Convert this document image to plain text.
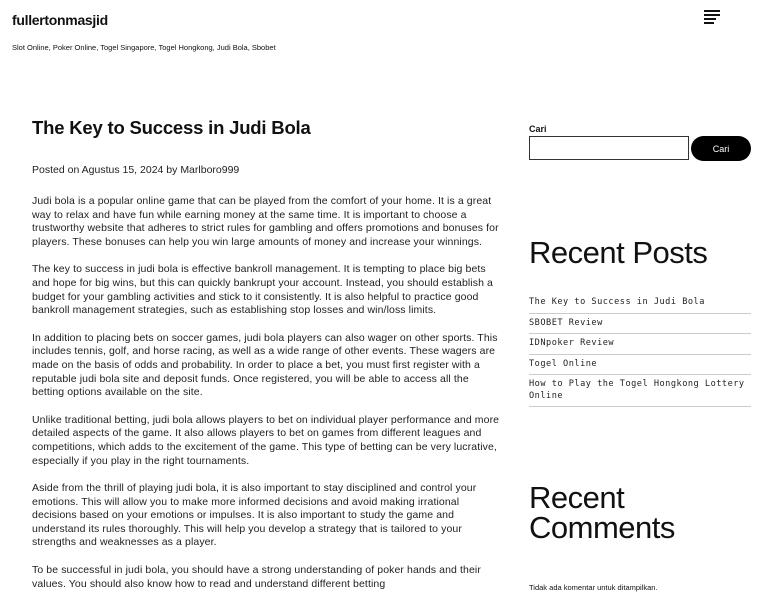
fullertonmasjid
Slot Online, Poker Online, Togel Singapore, Togel Hongkong, Judi Bola, Sbobet
The Key to Success in Judi Bola
Posted on Agustus 15, 2024 by Marlboro999

Judi bola is a popular online game that can be played from the comfort of your home. It is a great way to relax and have fun while earning money at the same time. It is important to choose a trustworthy website that adheres to strict rules for gambling and offers promotions and bonuses for players. These bonuses can help you win large amounts of money and increase your winnings.

The key to success in judi bola is effective bankroll management. It is tempting to place big bets and hope for big wins, but this can quickly bankrupt your account. Instead, you should establish a budget for your gambling activities and stick to it consistently. It is also helpful to practice good bankroll management strategies, such as establishing stop losses and win/loss limits.

In addition to placing bets on soccer games, judi bola players can also wager on other sports. This includes tennis, golf, and horse racing, as well as a wide range of other events. These wagers are made on the basis of odds and probability. In order to place a bet, you must first register with a reputable judi bola site and deposit funds. Once registered, you will be able to access all the betting options available on the site.

Unlike traditional betting, judi bola allows players to bet on individual player performance and more detailed aspects of the game. It also allows players to bet on games from different leagues and competitions, which adds to the excitement of the game. This type of betting can be very lucrative, especially if you play in the right tournaments.

Aside from the thrill of playing judi bola, it is also important to stay disciplined and control your emotions. This will allow you to make more informed decisions and avoid making irrational decisions based on your emotions or impulses. It is also important to study the game and understand its rules thoroughly. This will help you develop a strategy that is tailored to your strengths and weaknesses as a player.

To be successful in judi bola, you should have a strong understanding of poker hands and their values. You should also know how to read and understand different betting

Cari
Cari
Recent Posts
The Key to Success in Judi Bola
SBOBET Review
IDNpoker Review
Togel Online
How to Play the Togel Hongkong Lottery Online
Recent Comments
Tidak ada komentar untuk ditampilkan.
